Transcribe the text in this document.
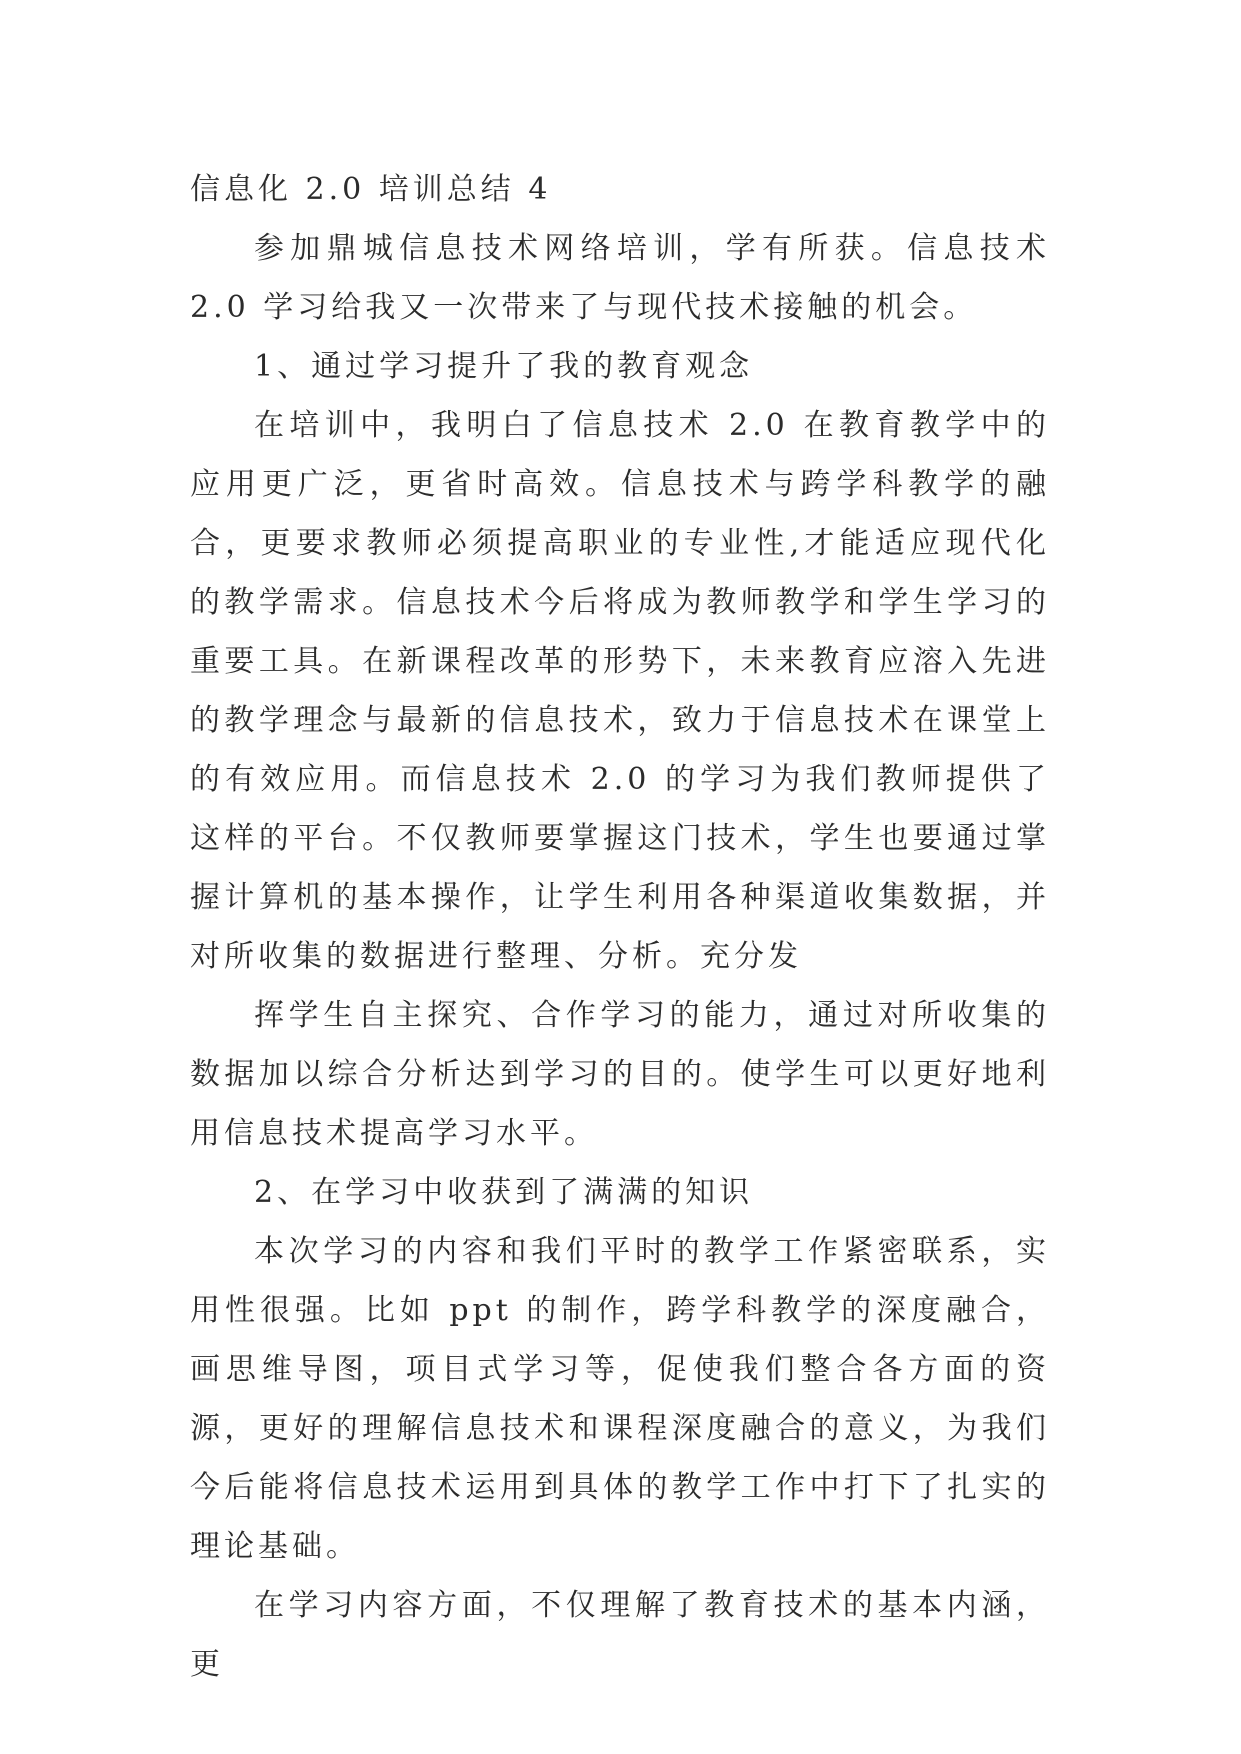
信息化 2.0 培训总结 4

参加鼎城信息技术网络培训，学有所获。信息技术 2.0 学习给我又一次带来了与现代技术接触的机会。

1、通过学习提升了我的教育观念

在培训中，我明白了信息技术 2.0 在教育教学中的应用更广泛，更省时高效。信息技术与跨学科教学的融合，更要求教师必须提高职业的专业性,才能适应现代化的教学需求。信息技术今后将成为教师教学和学生学习的重要工具。在新课程改革的形势下，未来教育应溶入先进的教学理念与最新的信息技术，致力于信息技术在课堂上的有效应用。而信息技术 2.0 的学习为我们教师提供了这样的平台。不仅教师要掌握这门技术，学生也要通过掌握计算机的基本操作，让学生利用各种渠道收集数据，并对所收集的数据进行整理、分析。充分发

挥学生自主探究、合作学习的能力，通过对所收集的数据加以综合分析达到学习的目的。使学生可以更好地利用信息技术提高学习水平。

2、在学习中收获到了满满的知识

本次学习的内容和我们平时的教学工作紧密联系，实用性很强。比如 ppt 的制作，跨学科教学的深度融合，画思维导图，项目式学习等，促使我们整合各方面的资源，更好的理解信息技术和课程深度融合的意义，为我们今后能将信息技术运用到具体的教学工作中打下了扎实的理论基础。

在学习内容方面，不仅理解了教育技术的基本内涵，更
